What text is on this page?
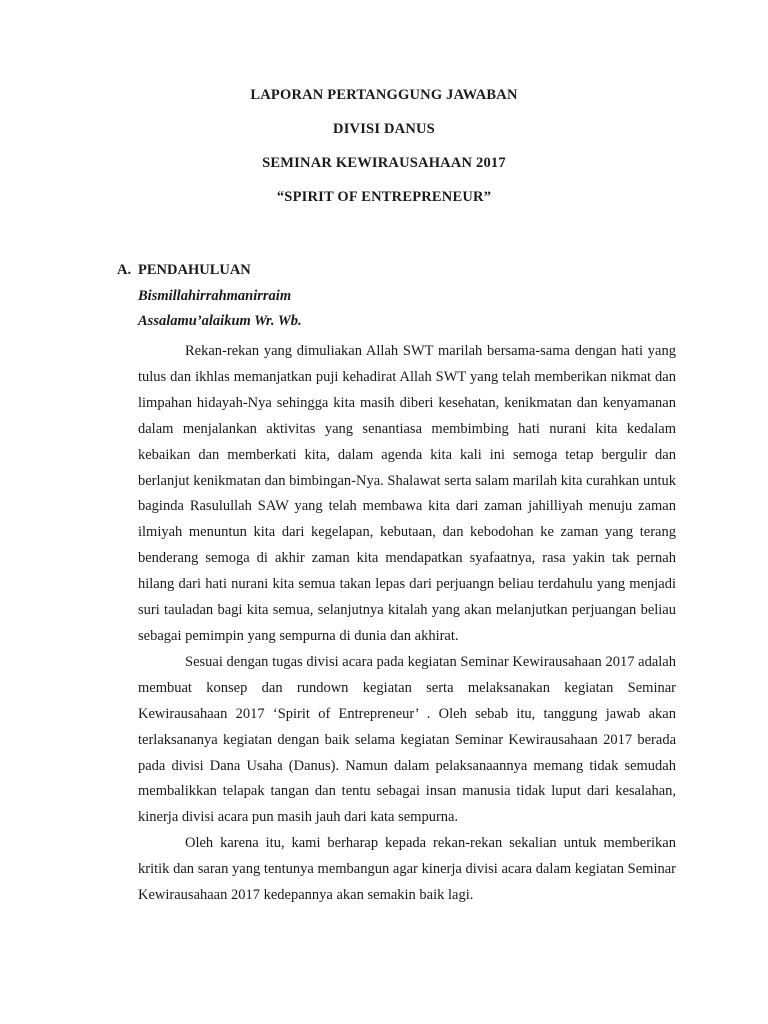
LAPORAN PERTANGGUNG JAWABAN
DIVISI DANUS
SEMINAR KEWIRAUSAHAAN 2017
“SPIRIT OF ENTREPRENEUR”
A. PENDAHULUAN
Bismillahirrahmanirraim
Assalamu’alaikum Wr. Wb.

Rekan-rekan yang dimuliakan Allah SWT marilah bersama-sama dengan hati yang tulus dan ikhlas memanjatkan puji kehadirat Allah SWT yang telah memberikan nikmat dan limpahan hidayah-Nya sehingga kita masih diberi kesehatan, kenikmatan dan kenyamanan dalam menjalankan aktivitas yang senantiasa membimbing hati nurani kita kedalam kebaikan dan memberkati kita, dalam agenda kita kali ini semoga tetap bergulir dan berlanjut kenikmatan dan bimbingan-Nya. Shalawat serta salam marilah kita curahkan untuk baginda Rasulullah SAW yang telah membawa kita dari zaman jahilliyah menuju zaman ilmiyah menuntun kita dari kegelapan, kebutaan, dan kebodohan ke zaman yang terang benderang semoga di akhir zaman kita mendapatkan syafaatnya, rasa yakin tak pernah hilang dari hati nurani kita semua takan lepas dari perjuangn beliau terdahulu yang menjadi suri tauladan bagi kita semua, selanjutnya kitalah yang akan melanjutkan perjuangan beliau sebagai pemimpin yang sempurna di dunia dan akhirat.

Sesuai dengan tugas divisi acara pada kegiatan Seminar Kewirausahaan 2017 adalah membuat konsep dan rundown kegiatan serta melaksanakan kegiatan Seminar Kewirausahaan 2017 ‘Spirit of Entrepreneur’ . Oleh sebab itu, tanggung jawab akan terlaksananya kegiatan dengan baik selama kegiatan Seminar Kewirausahaan 2017 berada pada divisi Dana Usaha (Danus). Namun dalam pelaksanaannya memang tidak semudah membalikkan telapak tangan dan tentu sebagai insan manusia tidak luput dari kesalahan, kinerja divisi acara pun masih jauh dari kata sempurna.

Oleh karena itu, kami berharap kepada rekan-rekan sekalian untuk memberikan kritik dan saran yang tentunya membangun agar kinerja divisi acara dalam kegiatan Seminar Kewirausahaan 2017 kedepannya akan semakin baik lagi.
